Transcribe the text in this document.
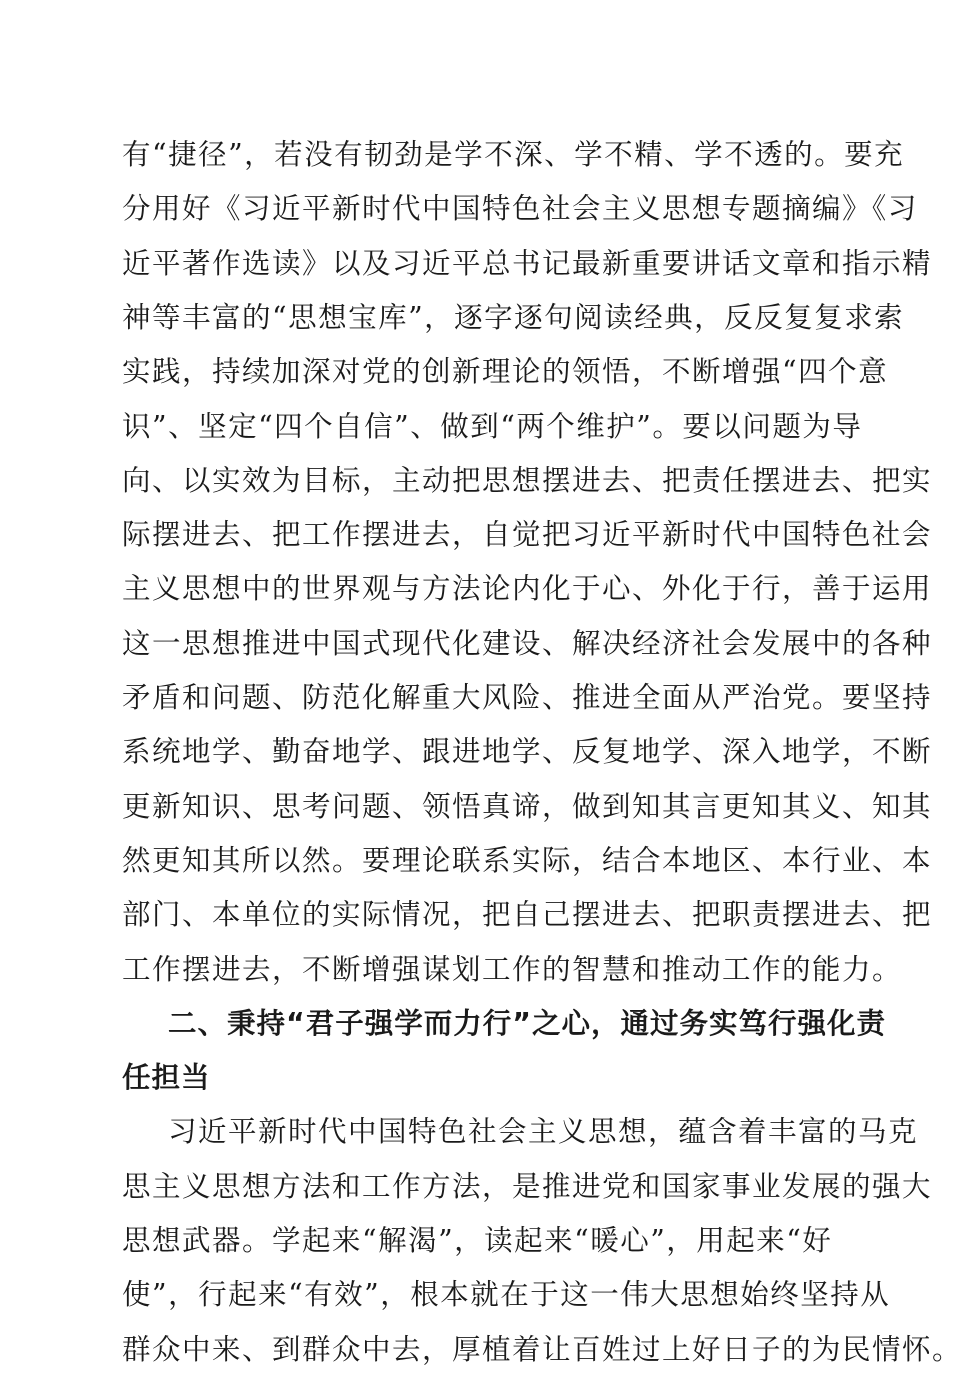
有“捷径”，若没有韧劲是学不深、学不精、学不透的。要充
分用好《习近平新时代中国特色社会主义思想专题摘编》《习
近平著作选读》以及习近平总书记最新重要讲话文章和指示精
神等丰富的“思想宝库”，逐字逐句阅读经典，反反复复求索
实践，持续加深对党的创新理论的领悟，不断增强“四个意
识”、坚定“四个自信”、做到“两个维护”。要以问题为导
向、以实效为目标，主动把思想摆进去、把责任摆进去、把实
际摆进去、把工作摆进去，自觉把习近平新时代中国特色社会
主义思想中的世界观与方法论内化于心、外化于行，善于运用
这一思想推进中国式现代化建设、解决经济社会发展中的各种
矛盾和问题、防范化解重大风险、推进全面从严治党。要坚持
系统地学、勤奋地学、跟进地学、反复地学、深入地学，不断
更新知识、思考问题、领悟真谛，做到知其言更知其义、知其
然更知其所以然。要理论联系实际，结合本地区、本行业、本
部门、本单位的实际情况，把自己摆进去、把职责摆进去、把
工作摆进去，不断增强谋划工作的智慧和推动工作的能力。
二、秉持“君子强学而力行”之心，通过务实笃行强化责
任担当
习近平新时代中国特色社会主义思想，蕴含着丰富的马克
思主义思想方法和工作方法，是推进党和国家事业发展的强大
思想武器。学起来“解渴”，读起来“暖心”，用起来“好
使”，行起来“有效”，根本就在于这一伟大思想始终坚持从
群众中来、到群众中去，厚植着让百姓过上好日子的为民情怀。
